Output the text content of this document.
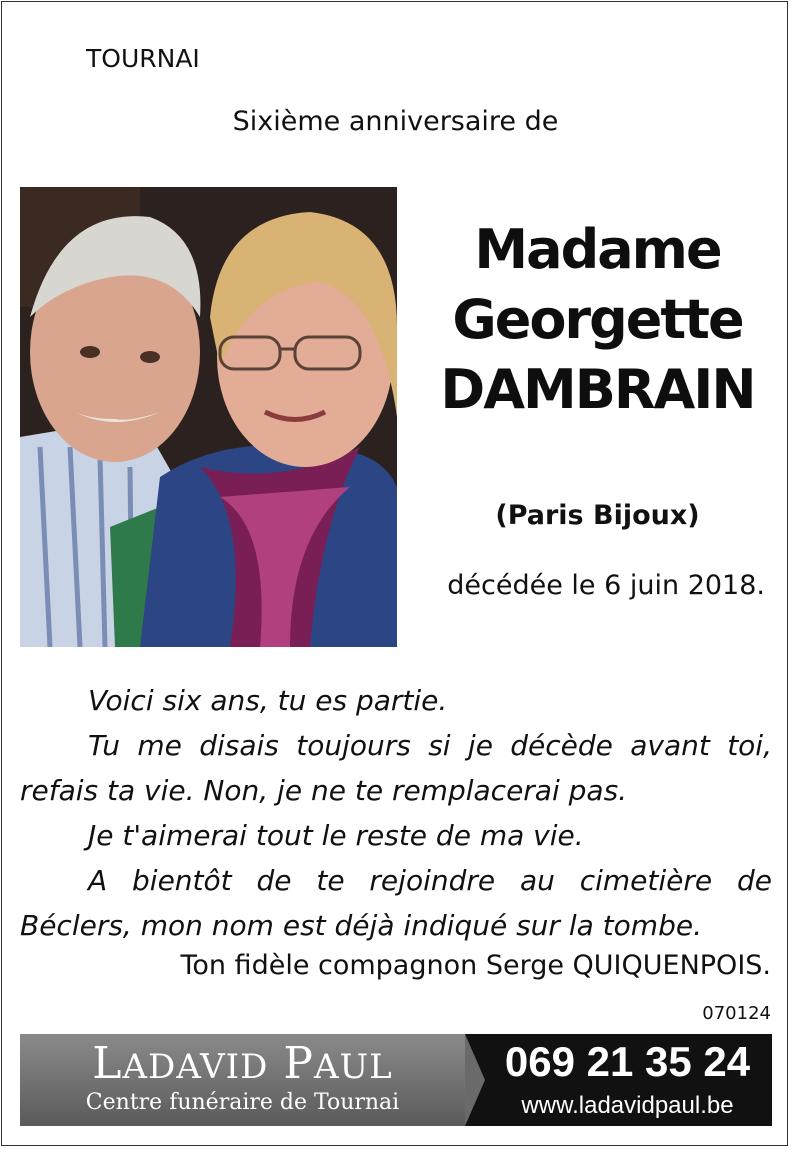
TOURNAI
Sixième anniversaire de
Madame
Georgette
DAMBRAIN
(Paris Bijoux)
décédée le 6 juin 2018.

Voici six ans, tu es partie.

Tu me disais toujours si je décède avant toi, refais ta vie. Non, je ne te remplacerai pas.

Je t'aimerai tout le reste de ma vie.

A bientôt de te rejoindre au cimetière de Béclers, mon nom est déjà indiqué sur la tombe.

Ton fidèle compagnon Serge QUIQUENPOIS.
070124
LADAVID PAUL
Centre funéraire de Tournai
069 21 35 24
www.ladavidpaul.be
